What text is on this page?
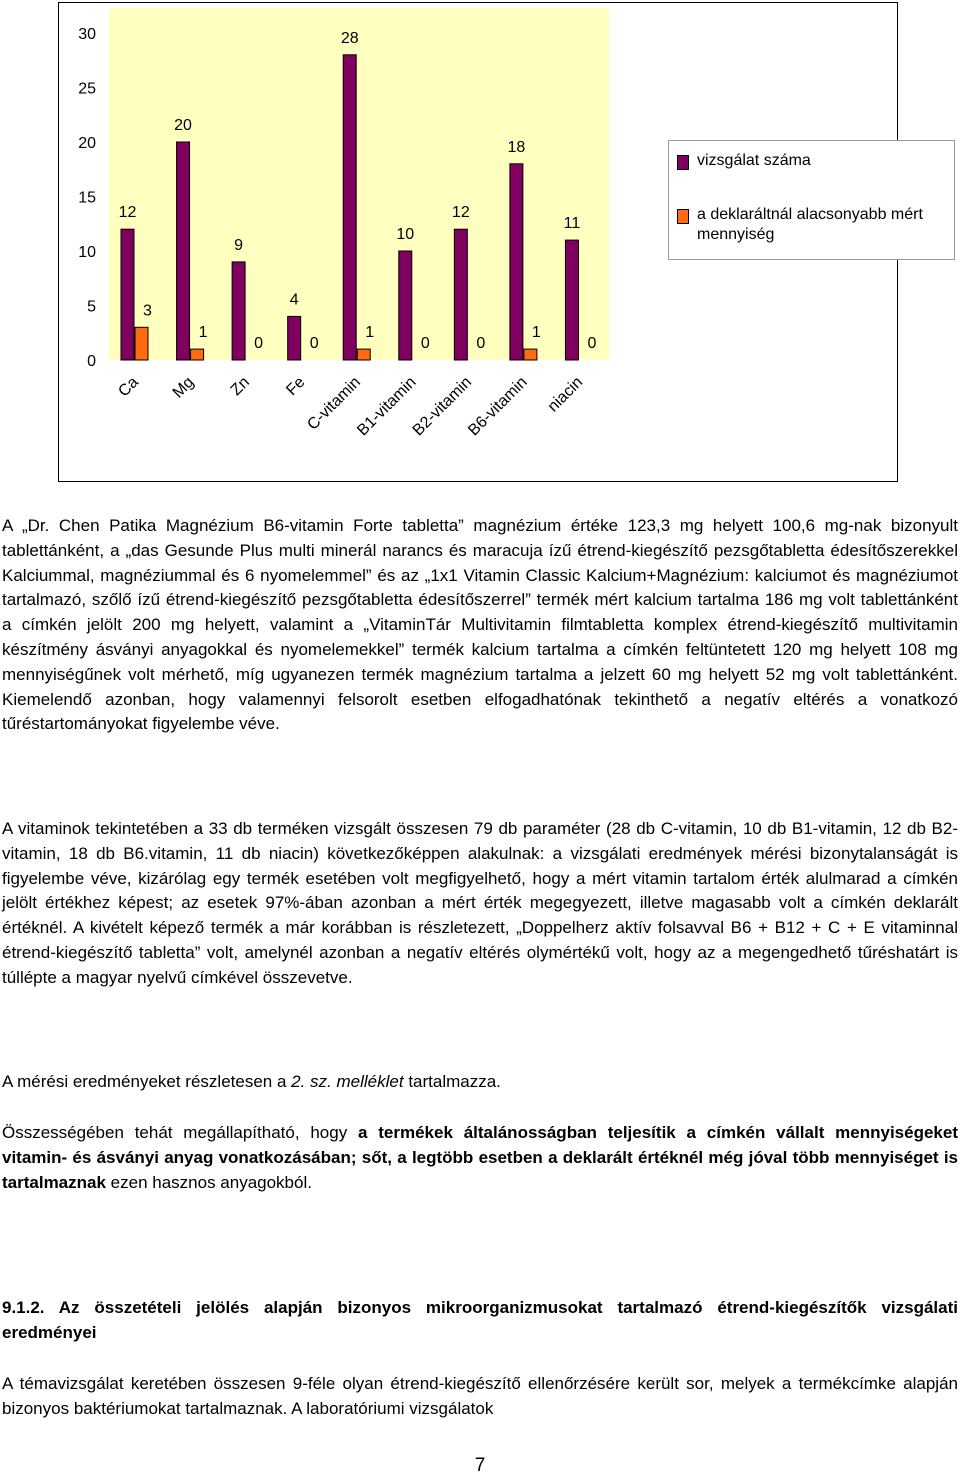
30
25
20
15
10
5
0
12
3
Ca
20
1
Mg
9
0
Zn
4
0
Fe
28
1
C-vitamin
10
0
B1-vitamin
12
0
B2-vitamin
18
1
B6-vitamin
11
0
niacin
vizsgálat száma
a deklaráltnál alacsonyabb mért mennyiség

A „Dr. Chen Patika Magnézium B6-vitamin Forte tabletta” magnézium értéke 123,3 mg helyett 100,6 mg-nak bizonyult tablettánként, a „das Gesunde Plus multi minerál narancs és maracuja ízű étrend-kiegészítő pezsgőtabletta édesítőszerekkel Kalciummal, magnéziummal és 6 nyomelemmel” és az „1x1 Vitamin Classic Kalcium+Magnézium: kalciumot és magnéziumot tartalmazó, szőlő ízű étrend-kiegészítő pezsgőtabletta édesítőszerrel” termék mért kalcium tartalma 186 mg volt tablettánként a címkén jelölt 200 mg helyett, valamint a „VitaminTár Multivitamin filmtabletta komplex étrend-kiegészítő multivitamin készítmény ásványi anyagokkal és nyomelemekkel” termék kalcium tartalma a címkén feltüntetett 120 mg helyett 108 mg mennyiségűnek volt mérhető, míg ugyanezen termék magnézium tartalma a jelzett 60 mg helyett 52 mg volt tablettánként. Kiemelendő azonban, hogy valamennyi felsorolt esetben elfogadhatónak tekinthető a negatív eltérés a vonatkozó tűréstartományokat figyelembe véve.

A vitaminok tekintetében a 33 db terméken vizsgált összesen 79 db paraméter (28 db C-vitamin, 10 db B1-vitamin, 12 db B2-vitamin, 18 db B6.vitamin, 11 db niacin) következőképpen alakulnak: a vizsgálati eredmények mérési bizonytalanságát is figyelembe véve, kizárólag egy termék esetében volt megfigyelhető, hogy a mért vitamin tartalom érték alulmarad a címkén jelölt értékhez képest; az esetek 97%-ában azonban a mért érték megegyezett, illetve magasabb volt a címkén deklarált értéknél. A kivételt képező termék a már korábban is részletezett, „Doppelherz aktív folsavval B6 + B12 + C + E vitaminnal étrend-kiegészítő tabletta” volt, amelynél azonban a negatív eltérés olymértékű volt, hogy az a megengedhető tűréshatárt is túllépte a magyar nyelvű címkével összevetve.

A mérési eredményeket részletesen a 2. sz. melléklet tartalmazza.

Összességében tehát megállapítható, hogy a termékek általánosságban teljesítik a címkén vállalt mennyiségeket vitamin- és ásványi anyag vonatkozásában; sőt, a legtöbb esetben a deklarált értéknél még jóval több mennyiséget is tartalmaznak ezen hasznos anyagokból.

9.1.2. Az összetételi jelölés alapján bizonyos mikroorganizmusokat tartalmazó étrend-kiegészítők vizsgálati eredményei

A témavizsgálat keretében összesen 9-féle olyan étrend-kiegészítő ellenőrzésére került sor, melyek a termékcímke alapján bizonyos baktériumokat tartalmaznak. A laboratóriumi vizsgálatok

7
